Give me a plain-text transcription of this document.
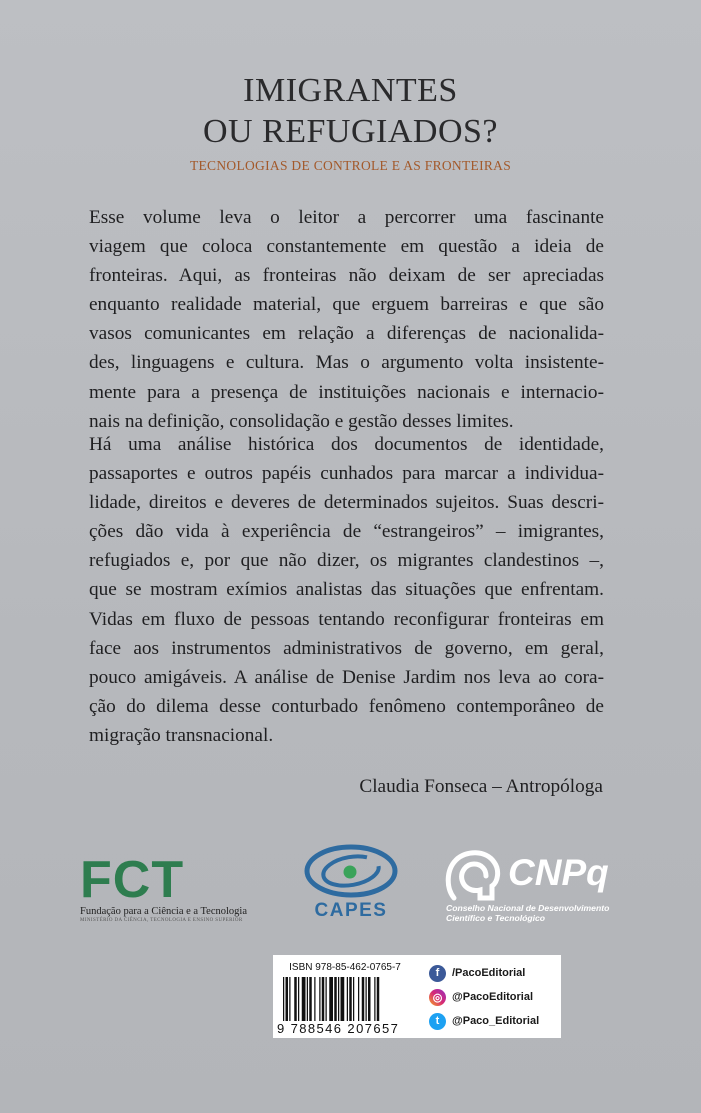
IMIGRANTES
OU REFUGIADOS?
TECNOLOGIAS DE CONTROLE E AS FRONTEIRAS
Esse volume leva o leitor a percorrer uma fascinante
viagem que coloca constantemente em questão a ideia de
fronteiras. Aqui, as fronteiras não deixam de ser apreciadas
enquanto realidade material, que erguem barreiras e que são
vasos comunicantes em relação a diferenças de nacionalida-
des, linguagens e cultura. Mas o argumento volta insistente-
mente para a presença de instituições nacionais e internacio-
nais na definição, consolidação e gestão desses limites.
Há uma análise histórica dos documentos de identidade,
passaportes e outros papéis cunhados para marcar a individua-
lidade, direitos e deveres de determinados sujeitos. Suas descri-
ções dão vida à experiência de “estrangeiros” – imigrantes,
refugiados e, por que não dizer, os migrantes clandestinos –,
que se mostram exímios analistas das situações que enfrentam.
Vidas em fluxo de pessoas tentando reconfigurar fronteiras em
face aos instrumentos administrativos de governo, em geral,
pouco amigáveis. A análise de Denise Jardim nos leva ao cora-
ção do dilema desse conturbado fenômeno contemporâneo de
migração transnacional.
Claudia Fonseca – Antropóloga
FCT
Fundação para a Ciência e a Tecnologia
MINISTÉRIO DA CIÊNCIA, TECNOLOGIA E ENSINO SUPERIOR	CAPES
CNPq
Conselho Nacional de Desenvolvimento
Científico e Tecnológico
ISBN 978-85-462-0765-7
9 788546 207657
f	/PacoEditorial
◎ @PacoEditorial
t	@Paco_Editorial
